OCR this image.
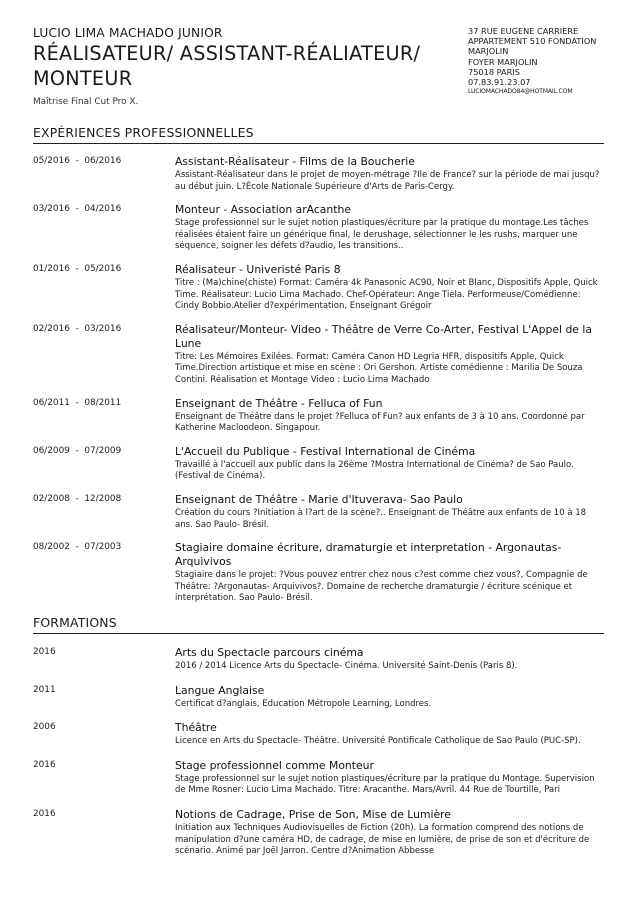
LUCIO LIMA MACHADO JUNIOR
RÉALISATEUR/ ASSISTANT-RÉALIATEUR/ MONTEUR
Maîtrise Final Cut Pro X.
37 RUE EUGENE CARRIERE
APPARTEMENT 510 FONDATION
MARJOLIN
FOYER MARJOLIN
75018 PARIS
07.83.91.23.07
LUCIOMACHADO84@HOTMAIL.COM
EXPÉRIENCES PROFESSIONNELLES
05/2016  -  06/2016	Assistant-Réalisateur - Films de la Boucherie
Assistant-Réalisateur dans le projet de moyen-métrage ?Ile de France? sur la période de mai jusqu?au début juin. L?École Nationale Supérieure d'Arts de Paris-Cergy.
03/2016  -  04/2016	Monteur - Association arAcanthe
Stage professionnel sur le sujet notion plastiques/écriture par la pratique du montage.Les tâches réalisées étaient faire un générique final, le derushage, sélectionner le les rushs, marquer une séquence, soigner les défets d?audio, les transitions..
01/2016  -  05/2016	Réalisateur - Univeristé Paris 8
Titre : (Ma)chine(chiste) Format: Caméra 4k Panasonic AC90, Noir et Blanc, Dispositifs Apple, Quick Time. Réalisateur: Lucio Lima Machado. Chef-Opérateur: Ange Tiela. Performeuse/Comédienne: Cindy Bobbio.Atelier d?expérimentation, Enseignant Grégoir
02/2016  -  03/2016	Réalisateur/Monteur- Video - Théâtre de Verre Co-Arter, Festival L'Appel de la Lune
Titre: Les Mémoires Exilées. Format: Caméra Canon HD Legria HFR, dispositifs Apple, Quick Time.Direction artistique et mise en scène : Ori Gershon. Artiste comédienne : Marilia De Souza Contini. Réalisation et Montage Video : Lucio Lima Machado
06/2011  -  08/2011	Enseignant de Théâtre - Felluca of Fun
Enseignant de Théâtre dans le projet ?Felluca of Fun? aux enfants de 3 à 10 ans. Coordonné par Katherine Maclood​eon. Singapour.
06/2009  -  07/2009	L'Accueil du Publique - Festival International de Cinéma
Travaillé à l'accueil aux public dans la 26ème ?Mostra International de Cinéma? de Sao Paulo. (Festival de Cinéma).
02/2008  -  12/2008	Enseignant de Théâtre - Marie d'Ituverava- Sao Paulo
Création du cours ?Initiation à l?art de la scène?.. Enseignant de Théâtre aux enfants de 10 à 18 ans. Sao Paulo- Brésil.
08/2002  -  07/2003	Stagiaire domaine écriture, dramaturgie et interpretation - Argonautas- Arquivivos
Stagiaire dans le projet: ?Vous pouvez entrer chez nous c?est comme chez vous?, Compagnie de Théâtre: ?Argonautas- Arquivivos?. Domaine de recherche dramaturgie / écriture scénique et interprétation. Sao Paulo- Brésil.
FORMATIONS
2016	Arts du Spectacle parcours cinéma
2016 / 2014 Licence Arts du Spectacle- Cinéma. Université Saint-Denis (Paris 8).
2011	Langue Anglaise
Certificat d?anglais, Education Métropole Learning, Londres.
2006	Théâtre
Licence en Arts du Spectacle- Théâtre. Université Pontificale Catholique de Sao Paulo (PUC-SP).
2016	Stage professionnel comme Monteur
Stage professionnel sur le sujet notion plastiques/écriture par la pratique du Montage. Supervision de Mme Rosner: Lucio Lima Machado. Titre: Aracanthe. Mars/Avril. 44 Rue de Tourtille, Pari
2016	Notions de Cadrage, Prise de Son, Mise de Lumière
Initiation aux Techniques Audiovisuelles de Fiction (20h). La formation comprend des notions de manipulation d?une caméra HD, de cadrage, de mise en lumière, de prise de son et d'écriture de scénario. Animé par Joël Jarron. Centre d?Animation Abbesse
